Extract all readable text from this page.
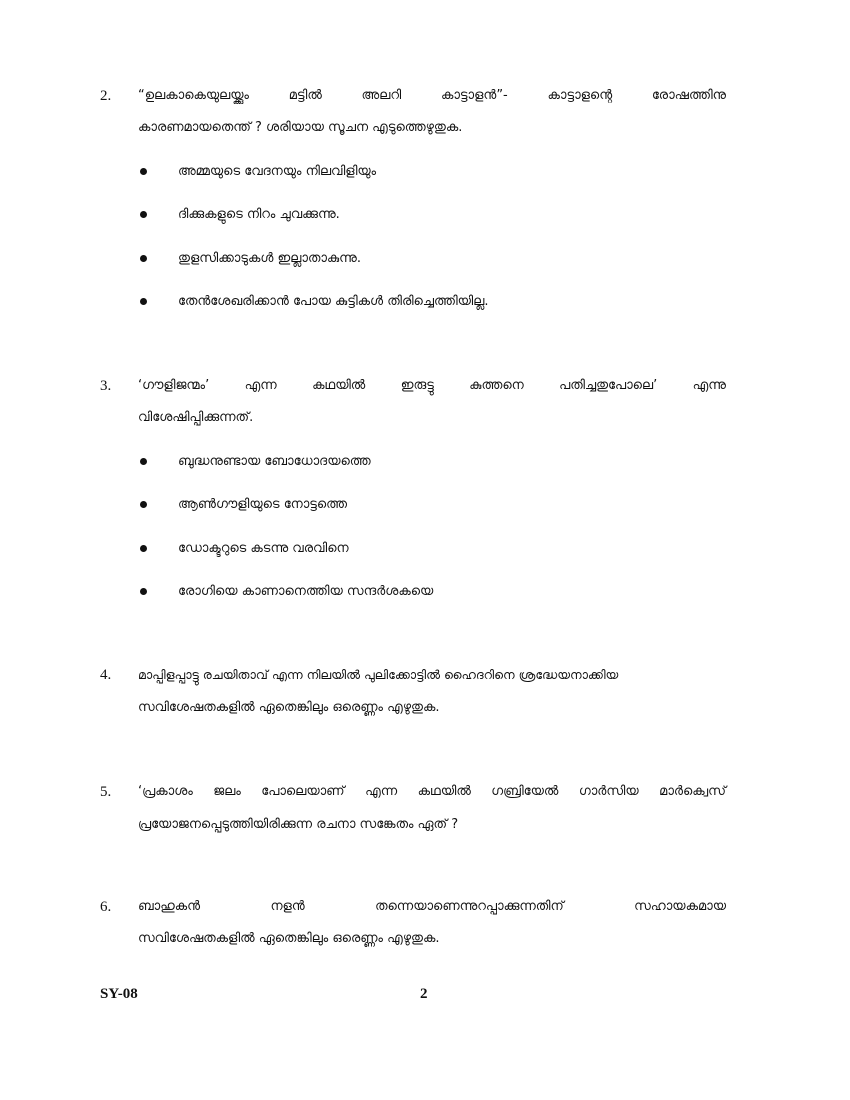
2. “ഉലകാകെയുലയ്ക്കും മട്ടിൽ അലറി കാട്ടാളൻ”- കാട്ടാളന്റെ രോഷത്തിനു
കാരണമായതെന്ത് ? ശരിയായ സൂചന എടുത്തെഴുതുക.
അമ്മയുടെ വേദനയും നിലവിളിയും
ദിക്കുകളുടെ നിറം ചുവക്കുന്നു.
തുളസിക്കാടുകൾ ഇല്ലാതാകുന്നു.
തേൻശേഖരിക്കാൻ പോയ കുട്ടികൾ തിരിച്ചെത്തിയില്ല.
3. ‘ഗൗളിജന്മം’ എന്ന കഥയിൽ ഇരുട്ടു കുത്തനെ പതിച്ചതുപോലെ’ എന്നു
വിശേഷിപ്പിക്കുന്നത്.
ബുദ്ധനുണ്ടായ ബോധോദയത്തെ
ആൺഗൗളിയുടെ നോട്ടത്തെ
ഡോക്ടറുടെ കടന്നു വരവിനെ
രോഗിയെ കാണാനെത്തിയ സന്ദർശകയെ
4. മാപ്പിളപ്പാട്ടു രചയിതാവ് എന്ന നിലയിൽ പുലിക്കോട്ടിൽ ഹൈദറിനെ ശ്രദ്ധേയനാക്കിയ
സവിശേഷതകളിൽ ഏതെങ്കിലും ഒരെണ്ണം എഴുതുക.
5. ‘പ്രകാശം ജലം പോലെയാണ് എന്ന കഥയിൽ ഗബ്രിയേൽ ഗാർസിയ മാർക്വെസ്
പ്രയോജനപ്പെടുത്തിയിരിക്കുന്ന രചനാ സങ്കേതം ഏത് ?
6. ബാഹുകൻ നളൻ തന്നെയാണെന്നുറപ്പാക്കുന്നതിന് സഹായകമായ
സവിശേഷതകളിൽ ഏതെങ്കിലും ഒരെണ്ണം എഴുതുക.
SY-08	2
